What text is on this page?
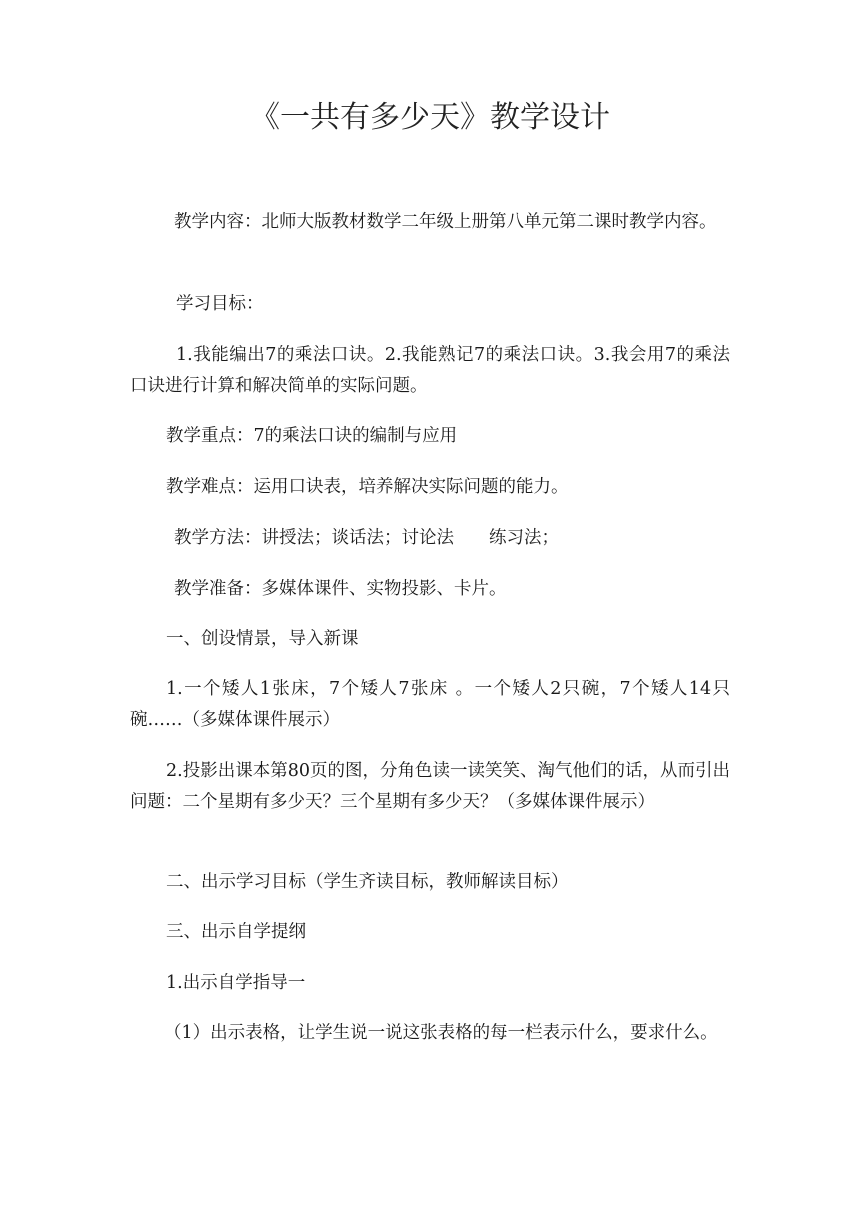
《一共有多少天》教学设计

教学内容：北师大版教材数学二年级上册第八单元第二课时教学内容。

学习目标：

1.我能编出7的乘法口诀。2.我能熟记7的乘法口诀。3.我会用7的乘法口诀进行计算和解决简单的实际问题。

教学重点：7的乘法口诀的编制与应用

教学难点：运用口诀表，培养解决实际问题的能力。

教学方法：讲授法；谈话法；讨论法　　练习法；

教学准备：多媒体课件、实物投影、卡片。

一、创设情景，导入新课

1.一个矮人1张床，7个矮人7张床 。一个矮人2只碗，7个矮人14只碗……（多媒体课件展示）

2.投影出课本第80页的图，分角色读一读笑笑、淘气他们的话，从而引出问题：二个星期有多少天？三个星期有多少天？（多媒体课件展示）

二、出示学习目标（学生齐读目标，教师解读目标）

三、出示自学提纲

1.出示自学指导一

（1）出示表格，让学生说一说这张表格的每一栏表示什么，要求什么。
